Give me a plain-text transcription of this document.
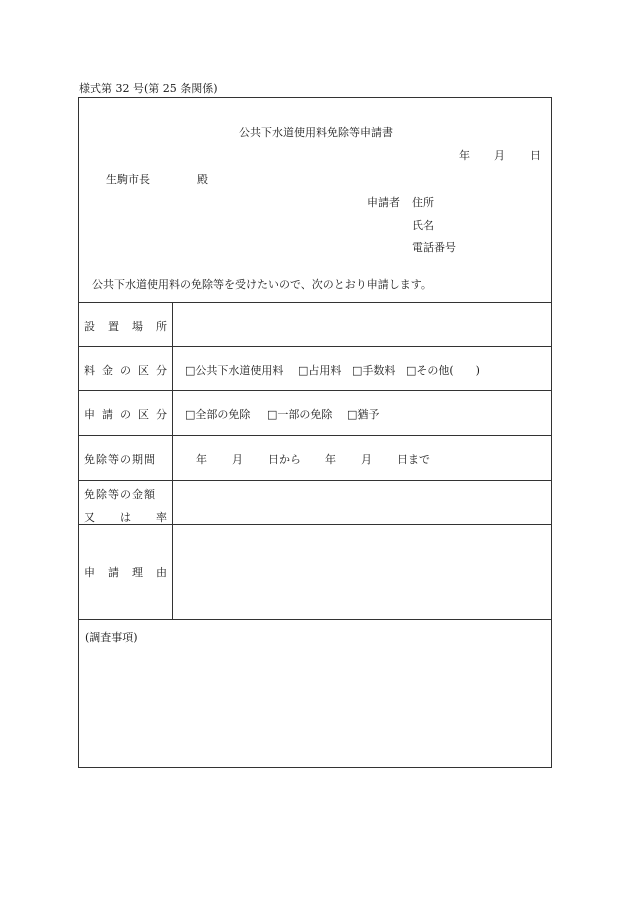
様式第 32 号(第 25 条関係)
公共下水道使用料免除等申請書
年 月 日
生駒市長	殿
申請者 住所
氏名
電話番号
公共下水道使用料の免除等を受けたいので、次のとおり申請します。
設 置 場 所
料 金 の 区 分 □公共下水道使用料 □占用料 □手数料 □その他(　　)
申 請 の 区 分 □全部の免除 □一部の免除 □猶予
免除等の期間	年 月 日から 年 月 日まで
免除等の金額
又 は 率
申 請 理 由
(調査事項)
